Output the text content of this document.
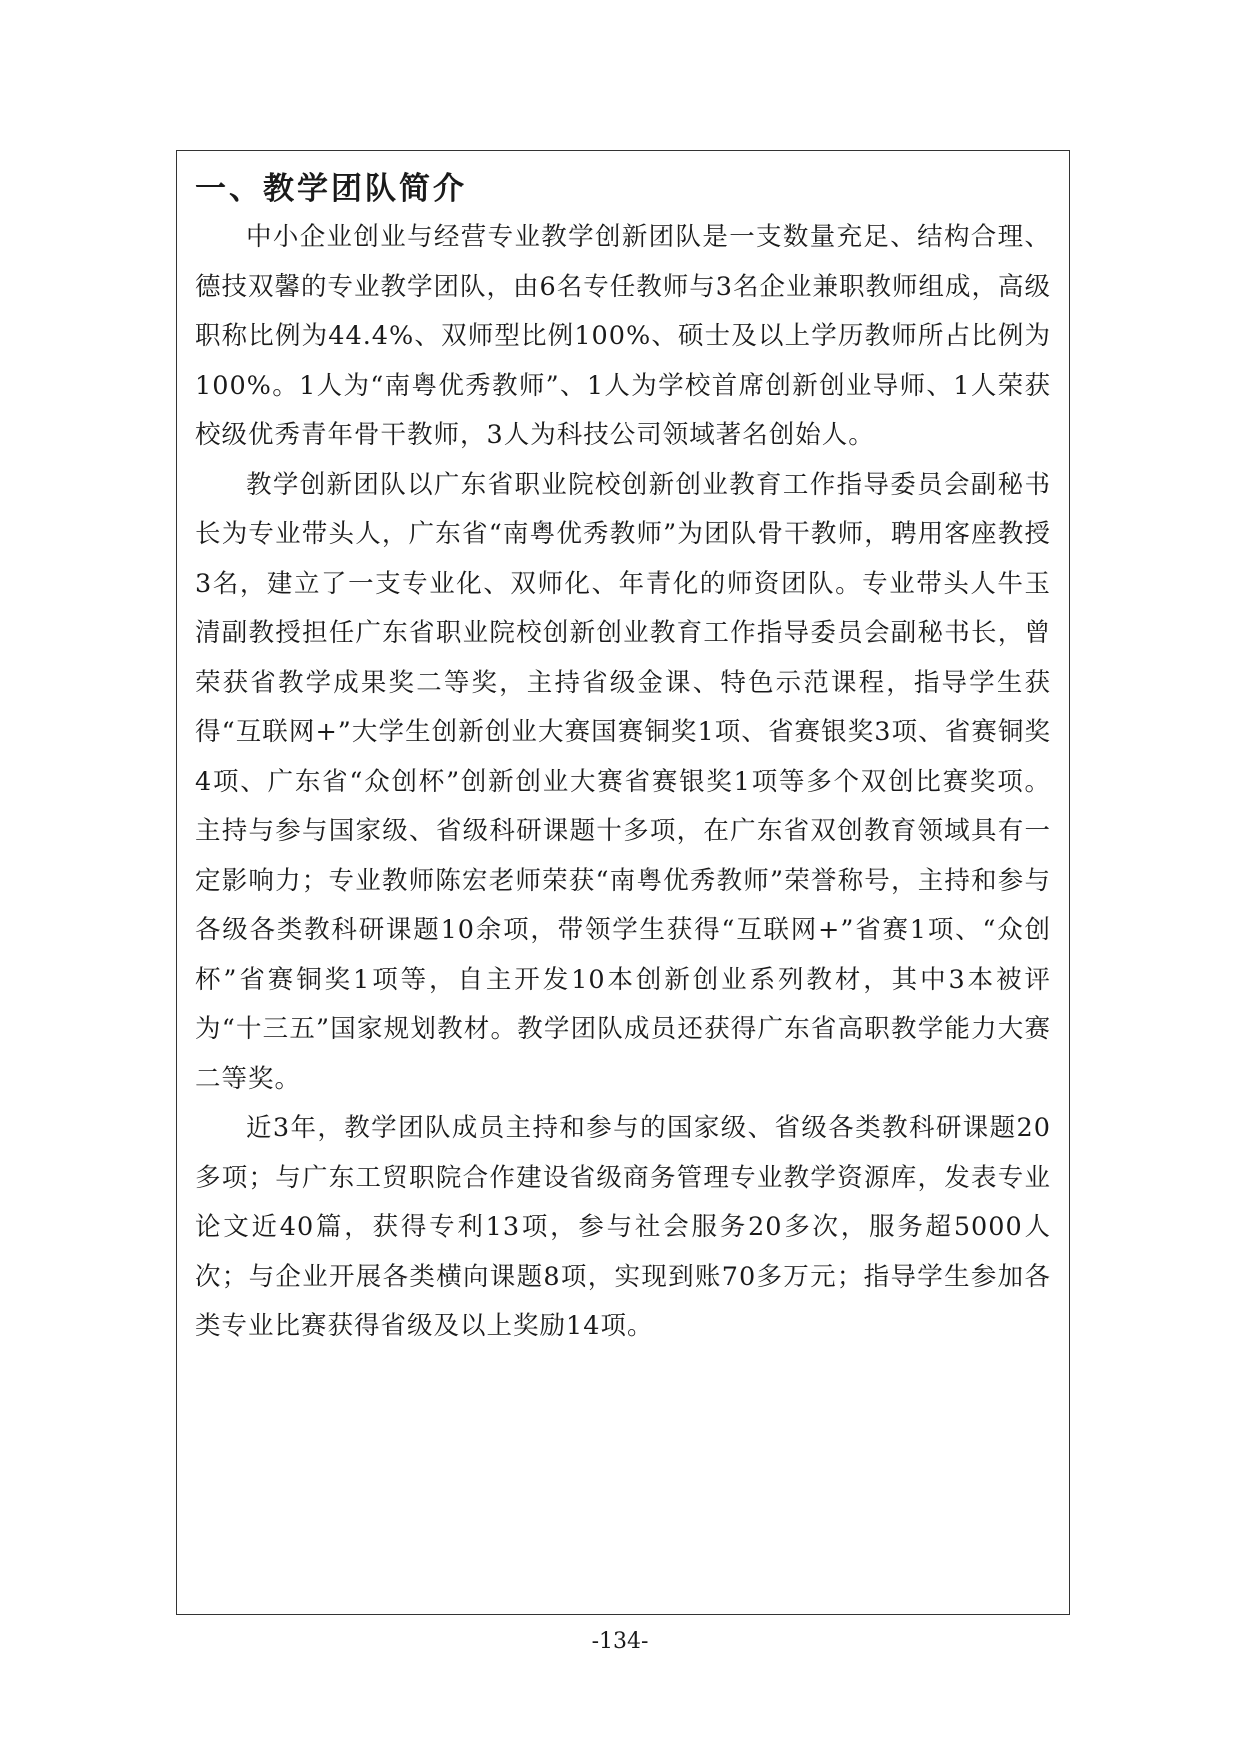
一、教学团队简介

中小企业创业与经营专业教学创新团队是一支数量充足、结构合理、德技双馨的专业教学团队，由6名专任教师与3名企业兼职教师组成，高级职称比例为44.4%、双师型比例100%、硕士及以上学历教师所占比例为100%。1人为“南粤优秀教师”、1人为学校首席创新创业导师、1人荣获校级优秀青年骨干教师，3人为科技公司领域著名创始人。

教学创新团队以广东省职业院校创新创业教育工作指导委员会副秘书长为专业带头人，广东省“南粤优秀教师”为团队骨干教师，聘用客座教授3名，建立了一支专业化、双师化、年青化的师资团队。专业带头人牛玉清副教授担任广东省职业院校创新创业教育工作指导委员会副秘书长，曾荣获省教学成果奖二等奖，主持省级金课、特色示范课程，指导学生获得“互联网+”大学生创新创业大赛国赛铜奖1项、省赛银奖3项、省赛铜奖4项、广东省“众创杯”创新创业大赛省赛银奖1项等多个双创比赛奖项。主持与参与国家级、省级科研课题十多项，在广东省双创教育领域具有一定影响力；专业教师陈宏老师荣获“南粤优秀教师”荣誉称号，主持和参与各级各类教科研课题10余项，带领学生获得“互联网+”省赛1项、“众创杯”省赛铜奖1项等，自主开发10本创新创业系列教材，其中3本被评为“十三五”国家规划教材。教学团队成员还获得广东省高职教学能力大赛二等奖。

近3年，教学团队成员主持和参与的国家级、省级各类教科研课题20多项；与广东工贸职院合作建设省级商务管理专业教学资源库，发表专业论文近40篇，获得专利13项，参与社会服务20多次，服务超5000人次；与企业开展各类横向课题8项，实现到账70多万元；指导学生参加各类专业比赛获得省级及以上奖励14项。

-134-
